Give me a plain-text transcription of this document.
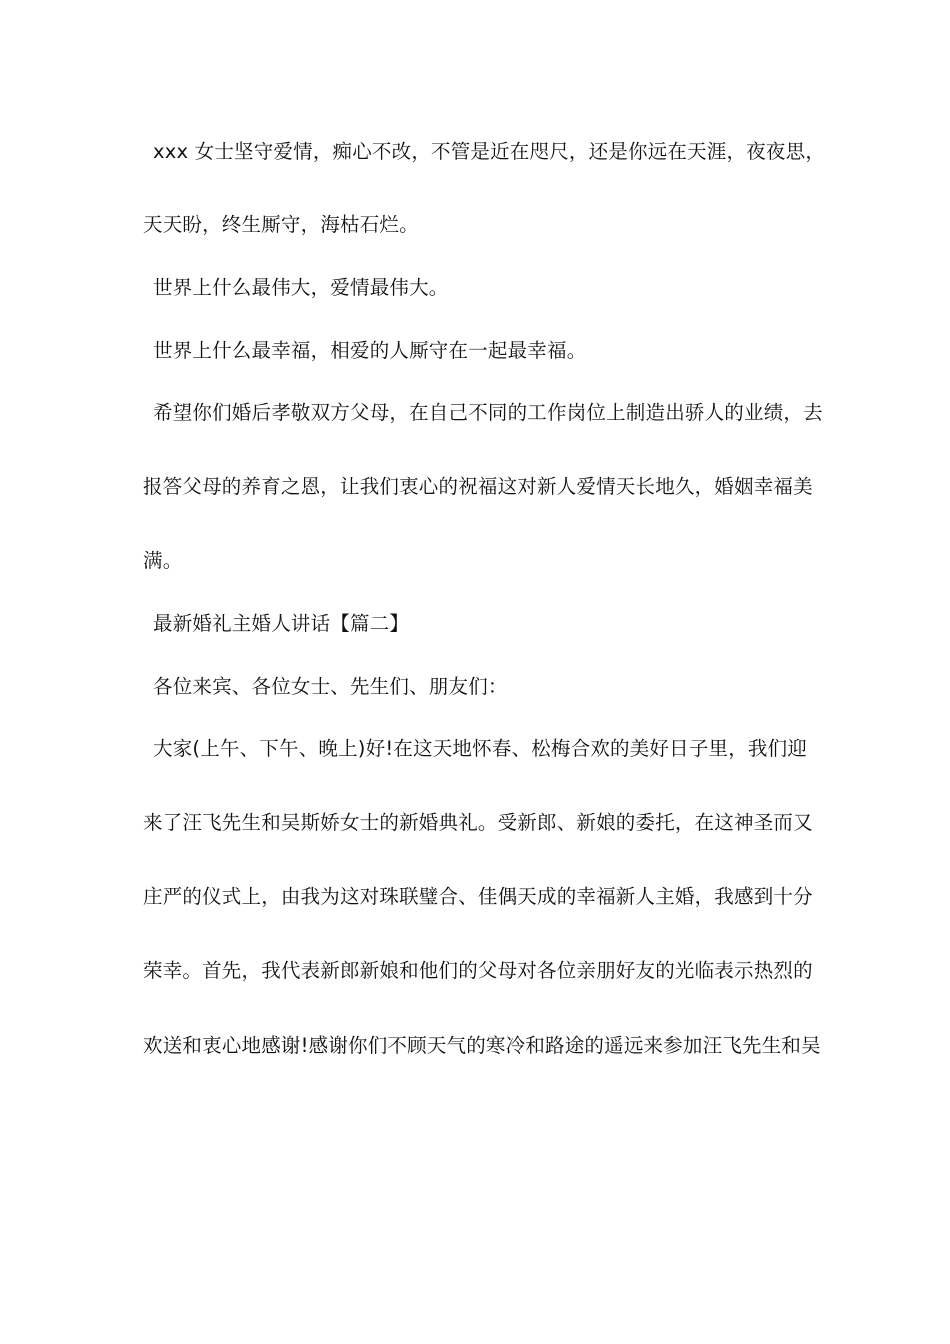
xxx 女士坚守爱情，痴心不改，不管是近在咫尺，还是你远在天涯，夜夜思，
天天盼，终生厮守，海枯石烂。
世界上什么最伟大，爱情最伟大。
世界上什么最幸福，相爱的人厮守在一起最幸福。
希望你们婚后孝敬双方父母，在自己不同的工作岗位上制造出骄人的业绩，去
报答父母的养育之恩，让我们衷心的祝福这对新人爱情天长地久，婚姻幸福美
满。
最新婚礼主婚人讲话【篇二】
各位来宾、各位女士、先生们、朋友们：
大家(上午、下午、晚上)好!在这天地怀春、松梅合欢的美好日子里，我们迎
来了汪飞先生和吴斯娇女士的新婚典礼。受新郎、新娘的委托，在这神圣而又
庄严的仪式上，由我为这对珠联璧合、佳偶天成的幸福新人主婚，我感到十分
荣幸。首先，我代表新郎新娘和他们的父母对各位亲朋好友的光临表示热烈的
欢送和衷心地感谢!感谢你们不顾天气的寒冷和路途的遥远来参加汪飞先生和吴
